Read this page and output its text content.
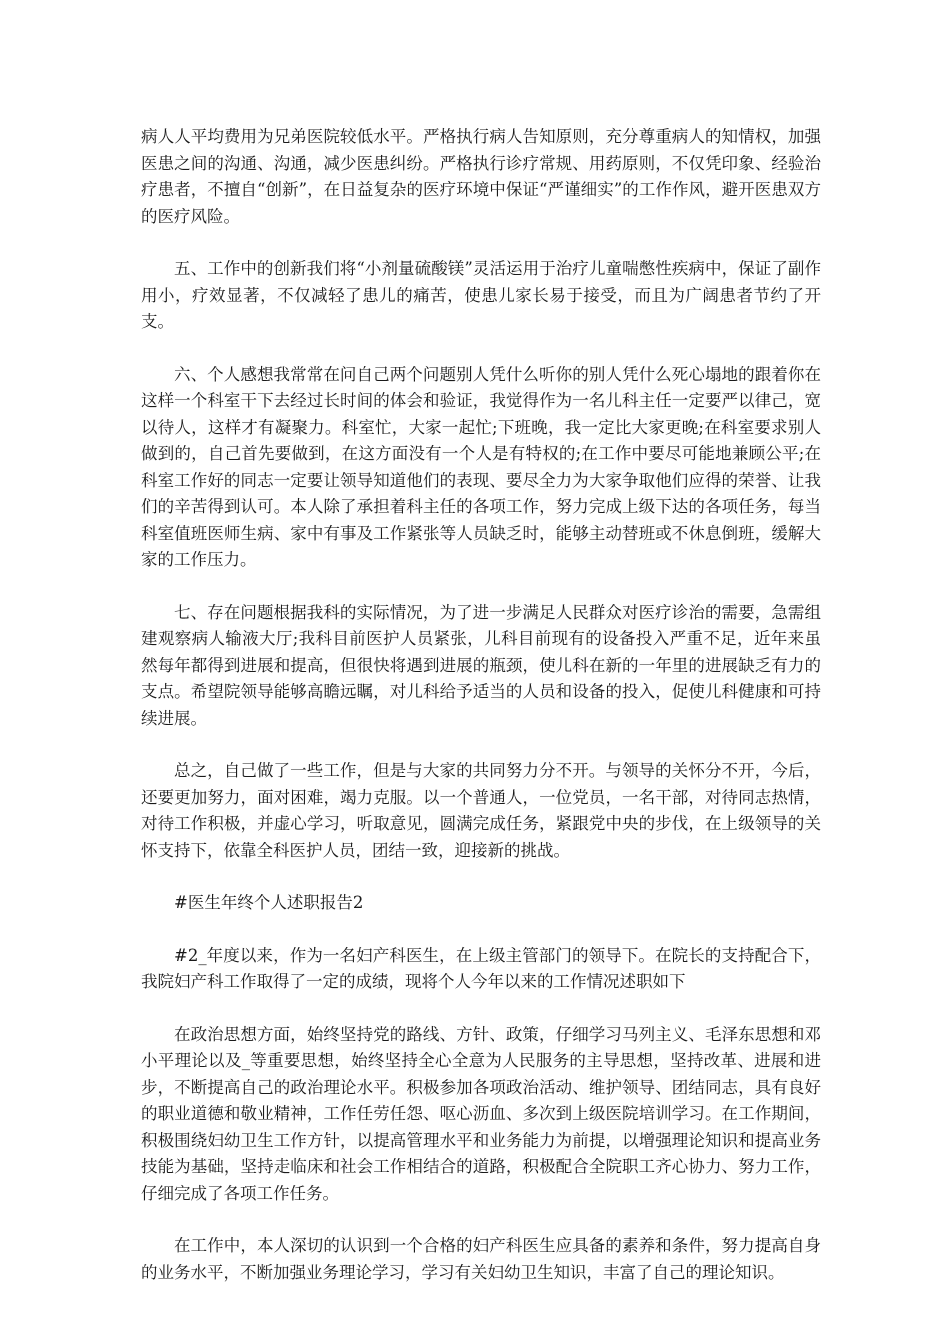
病人人平均费用为兄弟医院较低水平。严格执行病人告知原则，充分尊重病人的知情权，加强医患之间的沟通、沟通，减少医患纠纷。严格执行诊疗常规、用药原则，不仅凭印象、经验治疗患者，不擅自“创新”，在日益复杂的医疗环境中保证“严谨细实”的工作作风，避开医患双方的医疗风险。

五、工作中的创新我们将“小剂量硫酸镁”灵活运用于治疗儿童喘憋性疾病中，保证了副作用小，疗效显著，不仅减轻了患儿的痛苦，使患儿家长易于接受，而且为广阔患者节约了开支。

六、个人感想我常常在问自己两个问题别人凭什么听你的别人凭什么死心塌地的跟着你在这样一个科室干下去经过长时间的体会和验证，我觉得作为一名儿科主任一定要严以律己，宽以待人，这样才有凝聚力。科室忙，大家一起忙;下班晚，我一定比大家更晚;在科室要求别人做到的，自己首先要做到，在这方面没有一个人是有特权的;在工作中要尽可能地兼顾公平;在科室工作好的同志一定要让领导知道他们的表现、要尽全力为大家争取他们应得的荣誉、让我们的辛苦得到认可。本人除了承担着科主任的各项工作，努力完成上级下达的各项任务，每当科室值班医师生病、家中有事及工作紧张等人员缺乏时，能够主动替班或不休息倒班，缓解大家的工作压力。

七、存在问题根据我科的实际情况，为了进一步满足人民群众对医疗诊治的需要，急需组建观察病人输液大厅;我科目前医护人员紧张，儿科目前现有的设备投入严重不足，近年来虽然每年都得到进展和提高，但很快将遇到进展的瓶颈，使儿科在新的一年里的进展缺乏有力的支点。希望院领导能够高瞻远瞩，对儿科给予适当的人员和设备的投入，促使儿科健康和可持续进展。

总之，自己做了一些工作，但是与大家的共同努力分不开。与领导的关怀分不开，今后，还要更加努力，面对困难，竭力克服。以一个普通人，一位党员，一名干部，对待同志热情，对待工作积极，并虚心学习，听取意见，圆满完成任务，紧跟党中央的步伐，在上级领导的关怀支持下，依靠全科医护人员，团结一致，迎接新的挑战。

#医生年终个人述职报告2

#2_年度以来，作为一名妇产科医生，在上级主管部门的领导下。在院长的支持配合下，我院妇产科工作取得了一定的成绩，现将个人今年以来的工作情况述职如下

在政治思想方面，始终坚持党的路线、方针、政策，仔细学习马列主义、毛泽东思想和邓小平理论以及_等重要思想，始终坚持全心全意为人民服务的主导思想，坚持改革、进展和进步，不断提高自己的政治理论水平。积极参加各项政治活动、维护领导、团结同志，具有良好的职业道德和敬业精神，工作任劳任怨、呕心沥血、多次到上级医院培训学习。在工作期间，积极围绕妇幼卫生工作方针，以提高管理水平和业务能力为前提，以增强理论知识和提高业务技能为基础，坚持走临床和社会工作相结合的道路，积极配合全院职工齐心协力、努力工作，仔细完成了各项工作任务。

在工作中，本人深切的认识到一个合格的妇产科医生应具备的素养和条件，努力提高自身的业务水平，不断加强业务理论学习，学习有关妇幼卫生知识，丰富了自己的理论知识。
